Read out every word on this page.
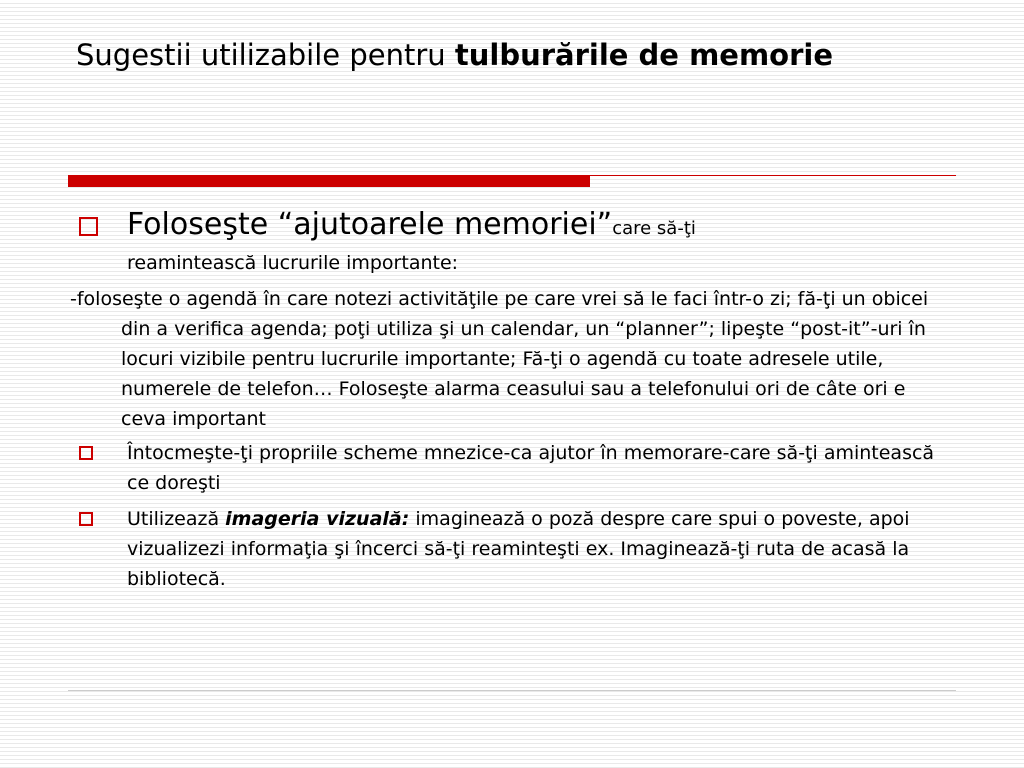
Sugestii utilizabile pentru tulburările de memorie
Foloseşte “ajutoarele memoriei”care să-ţi
reamintească lucrurile importante:
-foloseşte o agendă în care notezi activităţile pe care vrei să le faci într-o zi; fă-ţi un obicei din a verifica agenda; poţi utiliza şi un calendar, un “planner”; lipeşte “post-it”-uri în locuri vizibile pentru lucrurile importante; Fă-ţi o agendă cu toate adresele utile, numerele de telefon… Foloseşte alarma ceasului sau a telefonului ori de câte ori e ceva important
Întocmeşte-ţi propriile scheme mnezice-ca ajutor în memorare-care să-ţi amintească ce doreşti
Utilizează imageria vizuală: imaginează o poză despre care spui o poveste, apoi vizualizezi informaţia şi încerci să-ţi reaminteşti ex. Imaginează-ţi ruta de acasă la bibliotecă.
